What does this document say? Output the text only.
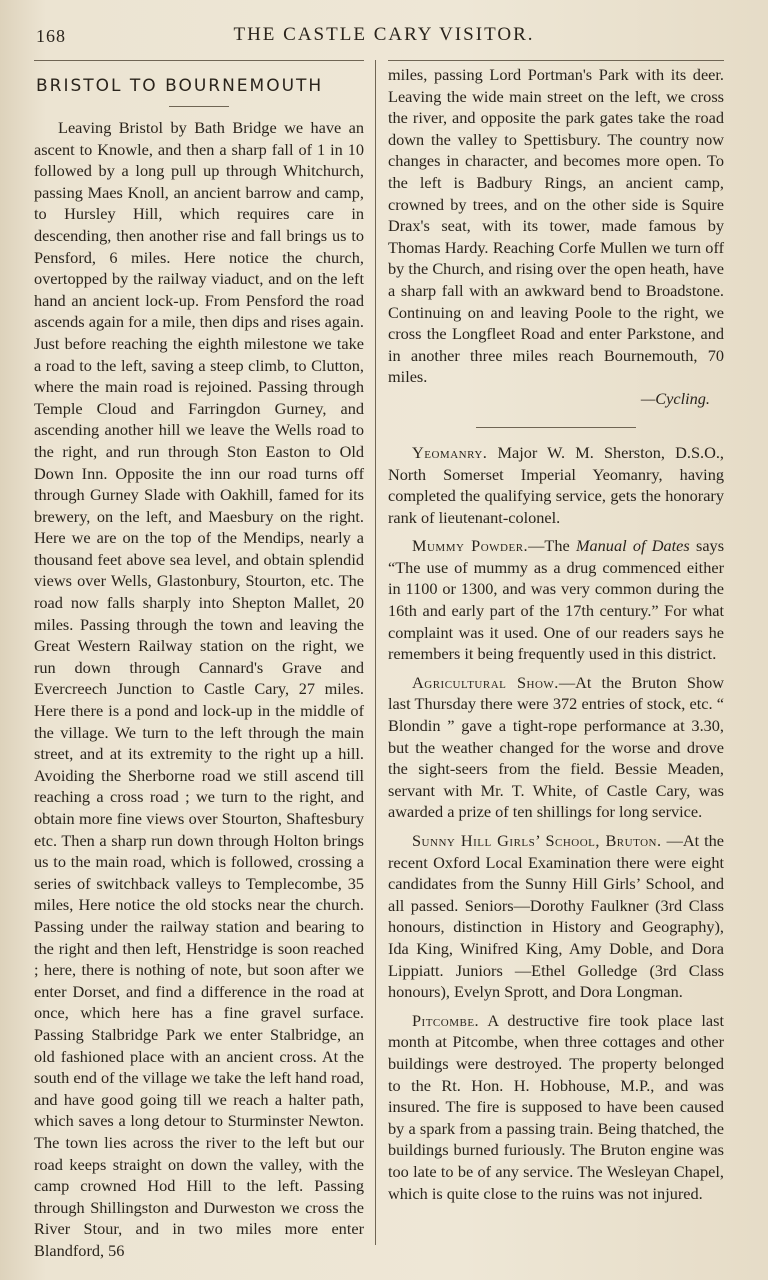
168	THE CASTLE CARY VISITOR.
BRISTOL TO BOURNEMOUTH

Leaving Bristol by Bath Bridge we have an ascent to Knowle, and then a sharp fall of 1 in 10 followed by a long pull up through Whitchurch, passing Maes Knoll, an ancient barrow and camp, to Hursley Hill, which requires care in descending, then another rise and fall brings us to Pensford, 6 miles. Here notice the church, overtopped by the railway viaduct, and on the left hand an ancient lock-up. From Pensford the road ascends again for a mile, then dips and rises again. Just before reaching the eighth milestone we take a road to the left, saving a steep climb, to Clutton, where the main road is rejoined. Passing through Temple Cloud and Farringdon Gurney, and ascending another hill we leave the Wells road to the right, and run through Ston Easton to Old Down Inn. Opposite the inn our road turns off through Gurney Slade with Oakhill, famed for its brewery, on the left, and Maesbury on the right. Here we are on the top of the Mendips, nearly a thousand feet above sea level, and obtain splendid views over Wells, Glastonbury, Stourton, etc. The road now falls sharply into Shepton Mallet, 20 miles. Passing through the town and leaving the Great Western Railway station on the right, we run down through Cannard's Grave and Evercreech Junction to Castle Cary, 27 miles. Here there is a pond and lock-up in the middle of the village. We turn to the left through the main street, and at its extremity to the right up a hill. Avoiding the Sherborne road we still ascend till reaching a cross road ; we turn to the right, and obtain more fine views over Stourton, Shaftesbury etc. Then a sharp run down through Holton brings us to the main road, which is followed, crossing a series of switchback valleys to Templecombe, 35 miles, Here notice the old stocks near the church. Passing under the railway station and bearing to the right and then left, Henstridge is soon reached ; here, there is nothing of note, but soon after we enter Dorset, and find a difference in the road at once, which here has a fine gravel surface. Passing Stalbridge Park we enter Stalbridge, an old fashioned place with an ancient cross. At the south end of the village we take the left hand road, and have good going till we reach a halter path, which saves a long detour to Sturminster Newton. The town lies across the river to the left but our road keeps straight on down the valley, with the camp crowned Hod Hill to the left. Passing through Shillingston and Durweston we cross the River Stour, and in two miles more enter Blandford, 56

miles, passing Lord Portman's Park with its deer. Leaving the wide main street on the left, we cross the river, and opposite the park gates take the road down the valley to Spettisbury. The country now changes in character, and becomes more open. To the left is Badbury Rings, an ancient camp, crowned by trees, and on the other side is Squire Drax's seat, with its tower, made famous by Thomas Hardy. Reaching Corfe Mullen we turn off by the Church, and rising over the open heath, have a sharp fall with an awkward bend to Broadstone. Continuing on and leaving Poole to the right, we cross the Longfleet Road and enter Parkstone, and in another three miles reach Bournemouth, 70 miles.

—Cycling.

Yeomanry. Major W. M. Sherston, D.S.O., North Somerset Imperial Yeomanry, having completed the qualifying service, gets the honorary rank of lieutenant-colonel.

Mummy Powder.—The Manual of Dates says “The use of mummy as a drug commenced either in 1100 or 1300, and was very common during the 16th and early part of the 17th century.” For what complaint was it used. One of our readers says he remembers it being frequently used in this district.

Agricultural Show.—At the Bruton Show last Thursday there were 372 entries of stock, etc. “ Blondin ” gave a tight-rope performance at 3.30, but the weather changed for the worse and drove the sight-seers from the field. Bessie Meaden, servant with Mr. T. White, of Castle Cary, was awarded a prize of ten shillings for long service.

Sunny Hill Girls’ School, Bruton. —At the recent Oxford Local Examination there were eight candidates from the Sunny Hill Girls’ School, and all passed. Seniors—Dorothy Faulkner (3rd Class honours, distinction in History and Geography), Ida King, Winifred King, Amy Doble, and Dora Lippiatt. Juniors —Ethel Golledge (3rd Class honours), Evelyn Sprott, and Dora Longman.

Pitcombe. A destructive fire took place last month at Pitcombe, when three cottages and other buildings were destroyed. The property belonged to the Rt. Hon. H. Hobhouse, M.P., and was insured. The fire is supposed to have been caused by a spark from a passing train. Being thatched, the buildings burned furiously. The Bruton engine was too late to be of any service. The Wesleyan Chapel, which is quite close to the ruins was not injured.
